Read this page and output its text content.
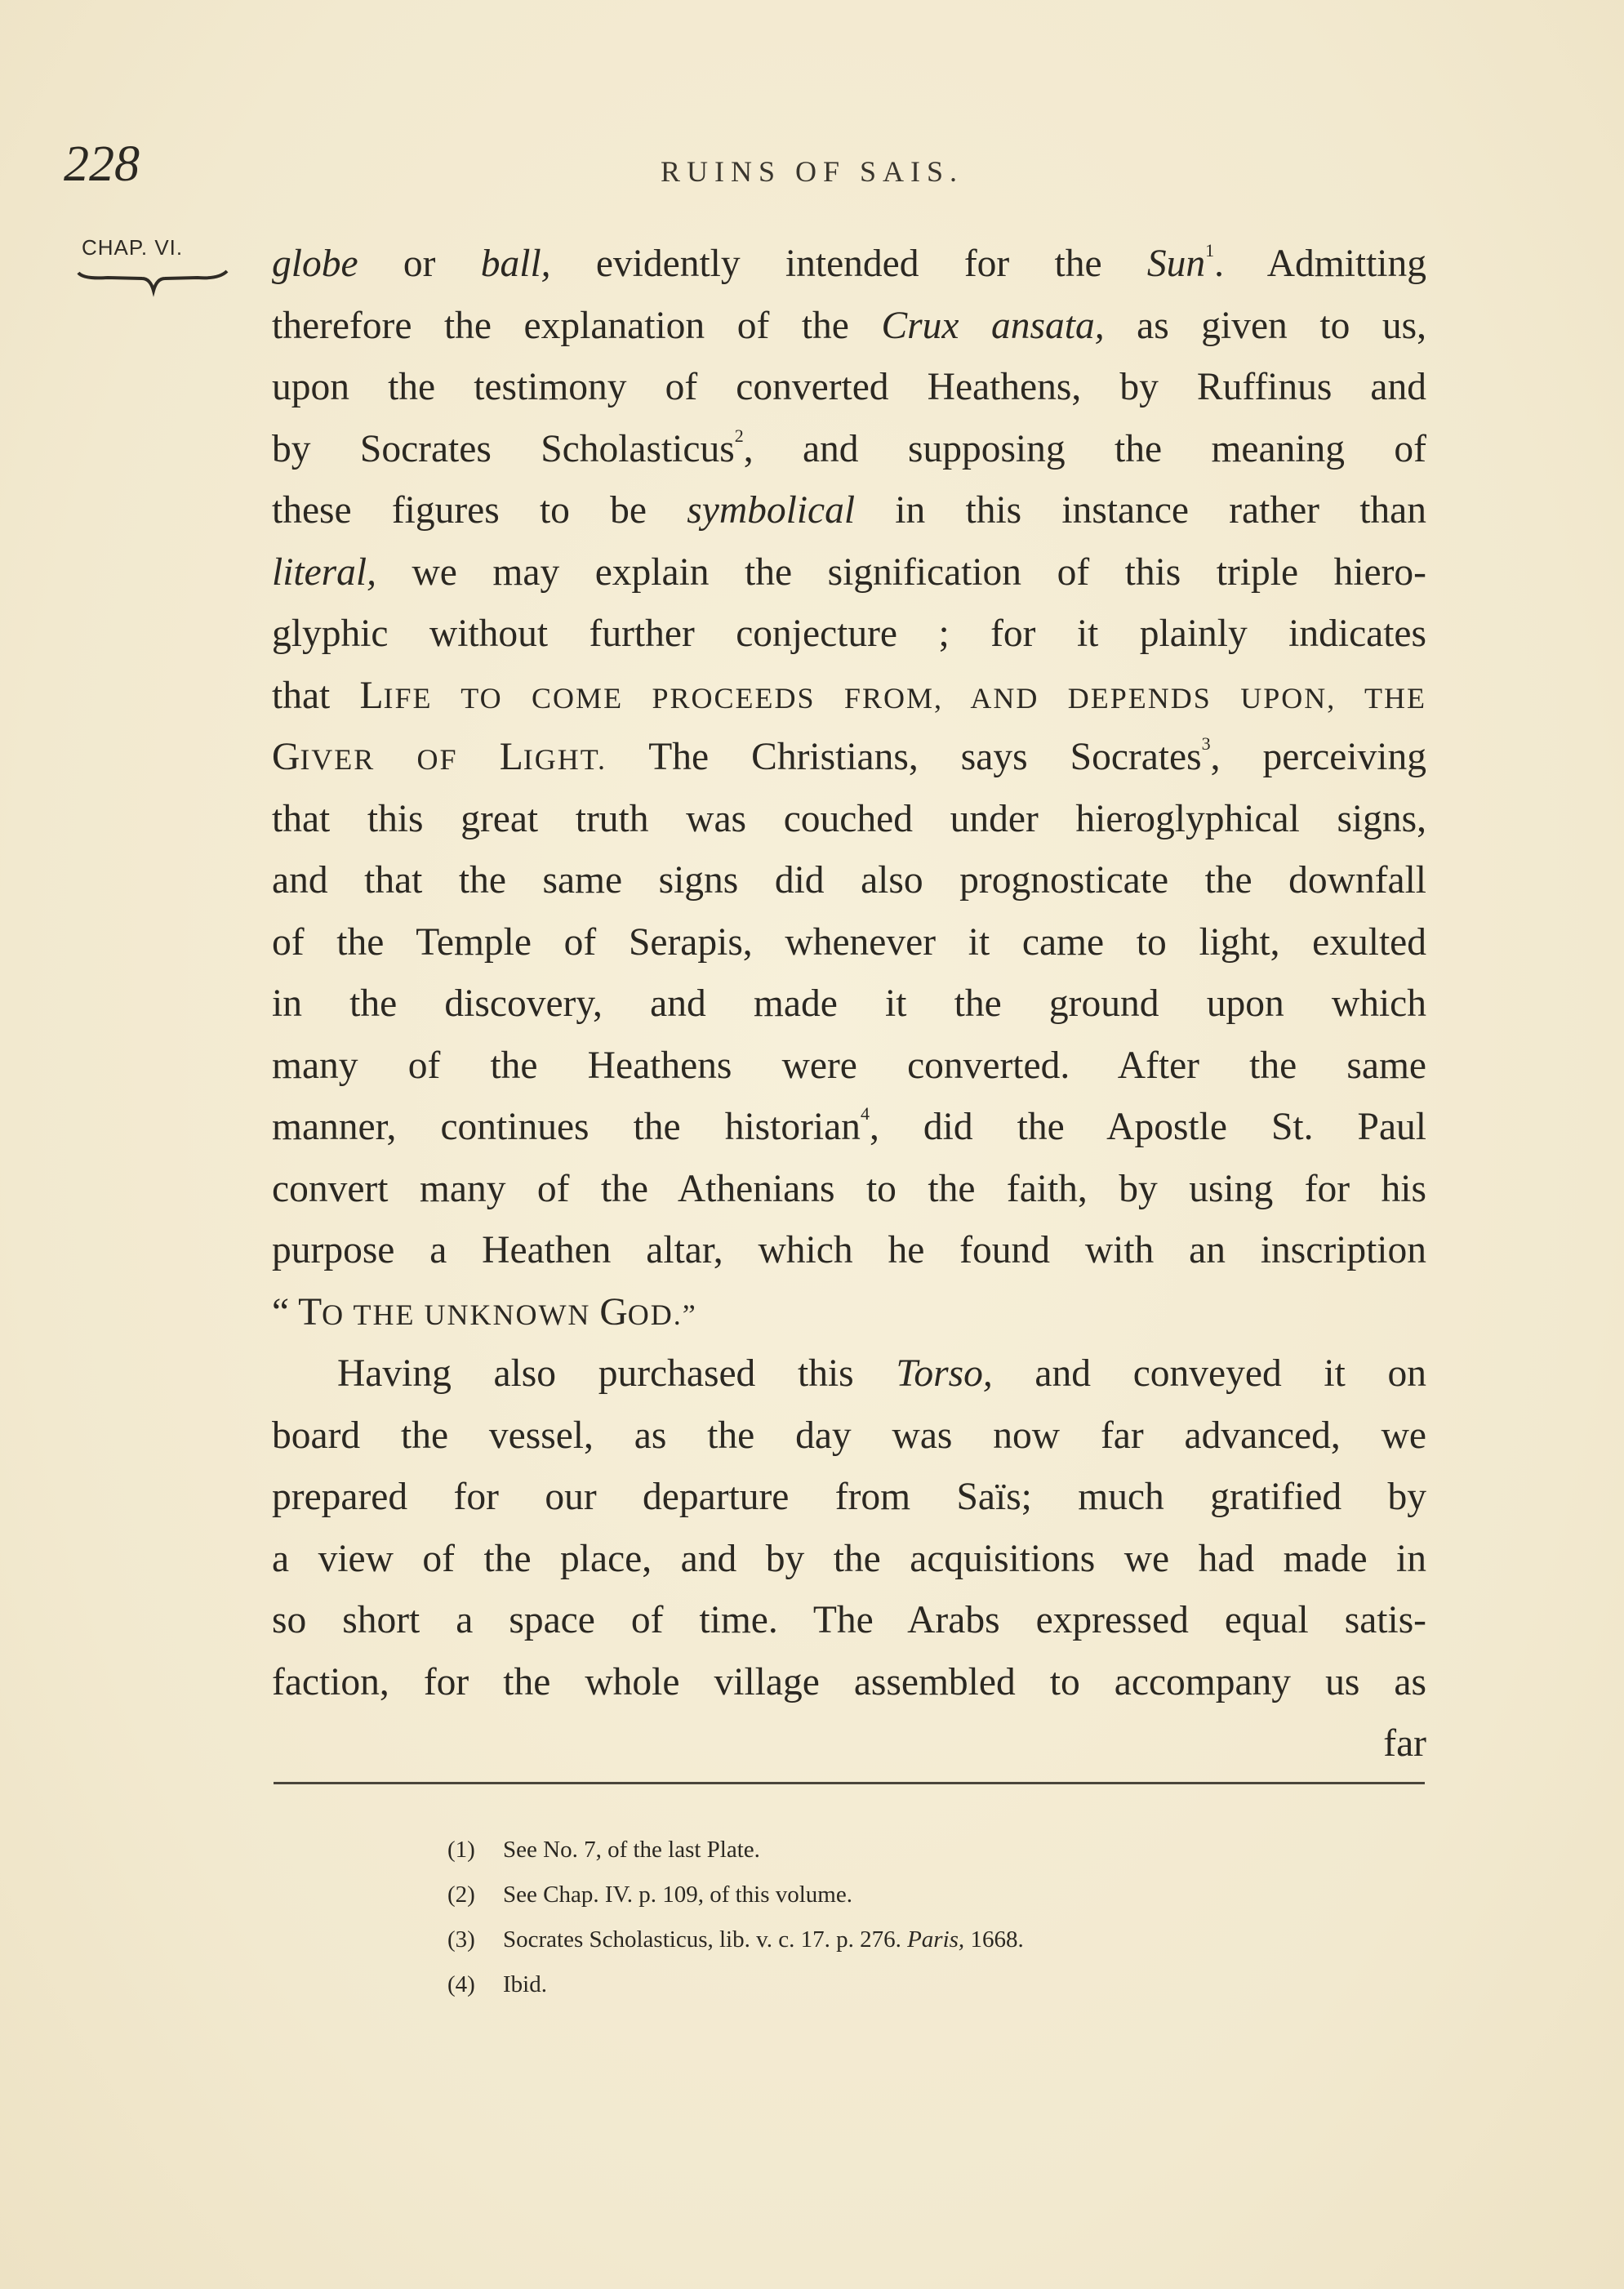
228	RUINS OF SAIS.
CHAP. VI. globe or ball, evidently intended for the Sun$^1$. Admitting
therefore the explanation of the Crux ansata, as given to us,
upon the testimony of converted Heathens, by Ruffinus and
by Socrates Scholasticus$^2$, and supposing the meaning of
these figures to be symbolical in this instance rather than
literal, we may explain the signification of this triple hiero-
glyphic without further conjecture ; for it plainly indicates
that LIFE TO COME PROCEEDS FROM, AND DEPENDS UPON, THE
GIVER OF LIGHT. The Christians, says Socrates$^3$, perceiving
that this great truth was couched under hieroglyphical signs,
and that the same signs did also prognosticate the downfall
of the Temple of Serapis, whenever it came to light, exulted
in the discovery, and made it the ground upon which
many of the Heathens were converted. After the same
manner, continues the historian$^4$, did the Apostle St. Paul
convert many of the Athenians to the faith, by using for his
purpose a Heathen altar, which he found with an inscription
“ TO THE UNKNOWN GOD.”
Having also purchased this Torso, and conveyed it on
board the vessel, as the day was now far advanced, we
prepared for our departure from Saïs; much gratified by
a view of the place, and by the acquisitions we had made in
so short a space of time. The Arabs expressed equal satis-
faction, for the whole village assembled to accompany us as
far
(1) See No. 7, of the last Plate.
(2) See Chap. IV. p. 109, of this volume.
(3) Socrates Scholasticus, lib. v. c. 17. p. 276. Paris, 1668.
(4) Ibid.
